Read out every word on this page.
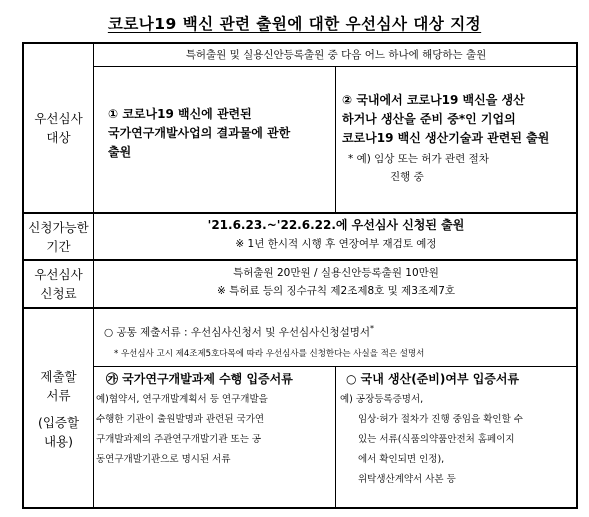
코로나19 백신 관련 출원에 대한 우선심사 대상 지정
우선심사
대상
특허출원 및 실용신안등록출원 중 다음 어느 하나에 해당하는 출원
① 코로나19 백신에 관련된
국가연구개발사업의 결과물에 관한
출원
② 국내에서 코로나19 백신을 생산
하거나 생산을 준비 중*인 기업의
코로나19 백신 생산기술과 관련된 출원
* 예) 임상 또는 허가 관련 절차
진행 중
신청가능한
기간
'21.6.23.~'22.6.22.에 우선심사 신청된 출원
※ 1년 한시적 시행 후 연장여부 재검토 예정
우선심사
신청료
특허출원 20만원 / 실용신안등록출원 10만원
※ 특허료 등의 징수규칙 제2조제8호 및 제3조제7호
제출할
서류
(입증할
내용)
○ 공통 제출서류 : 우선심사신청서 및 우선심사신청설명서*
* 우선심사 고시 제4조제5호다목에 따라 우선심사를 신청한다는 사실을 적은 설명서
㉮ 국가연구개발과제 수행 입증서류
예)협약서, 연구개발계획서 등 연구개발을
수행한 기관이 출원발명과 관련된 국가연
구개발과제의 주관연구개발기관 또는 공
동연구개발기관으로 명시된 서류
○ 국내 생산(준비)여부 입증서류
예) 공장등록증명서,
임상·허가 절차가 진행 중임을 확인할 수
있는 서류(식품의약품안전처 홈페이지
에서 확인되면 인정),
위탁생산계약서 사본 등
